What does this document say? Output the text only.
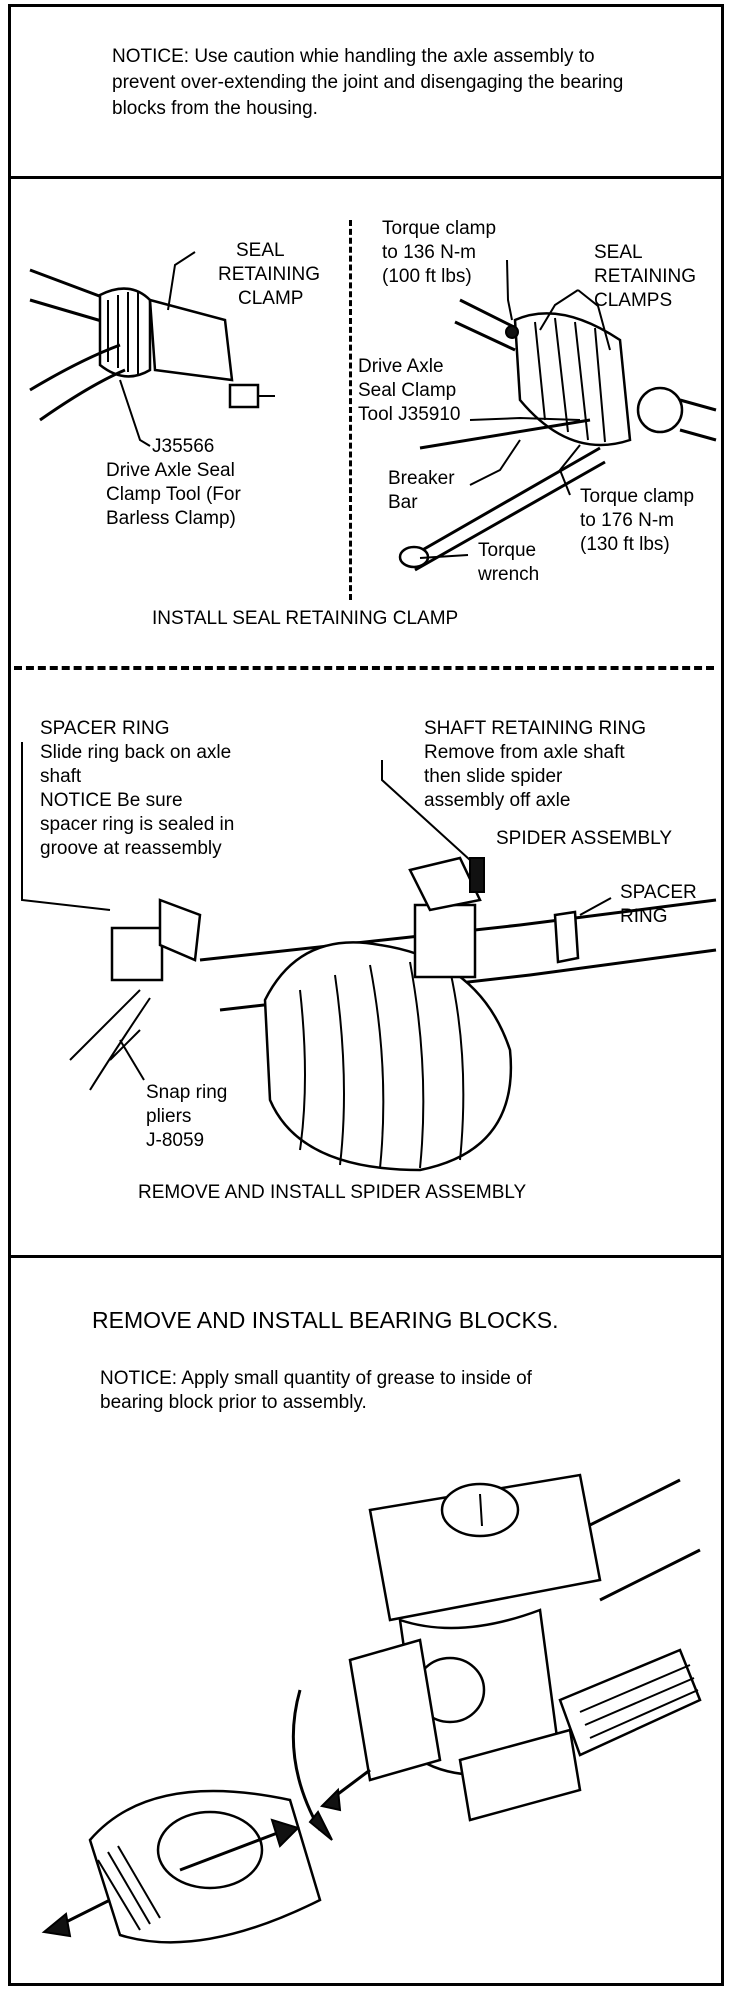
NOTICE: Use caution whie handling the axle assembly to prevent over-extending the joint and disengaging the bearing blocks from the housing.
SEAL
RETAINING
CLAMP
J35566
Drive Axle Seal
Clamp Tool (For
Barless Clamp)
Torque clamp
to 136 N-m
(100 ft lbs)
SEAL
RETAINING
CLAMPS
Drive Axle
Seal Clamp
Tool J35910
Breaker
Bar	Torque clamp
to 176 N-m
(130 ft lbs)
Torque
wrench
INSTALL SEAL RETAINING CLAMP
SPACER RING
Slide ring back on axle
shaft
NOTICE Be sure
spacer ring is sealed in
groove at reassembly
SHAFT RETAINING RING
Remove from axle shaft
then slide spider
assembly off axle
SPIDER ASSEMBLY
SPACER
RING
Snap ring
pliers
J-8059
REMOVE AND INSTALL SPIDER ASSEMBLY
REMOVE AND INSTALL BEARING BLOCKS.
NOTICE: Apply small quantity of grease to inside of
bearing block prior to assembly.
